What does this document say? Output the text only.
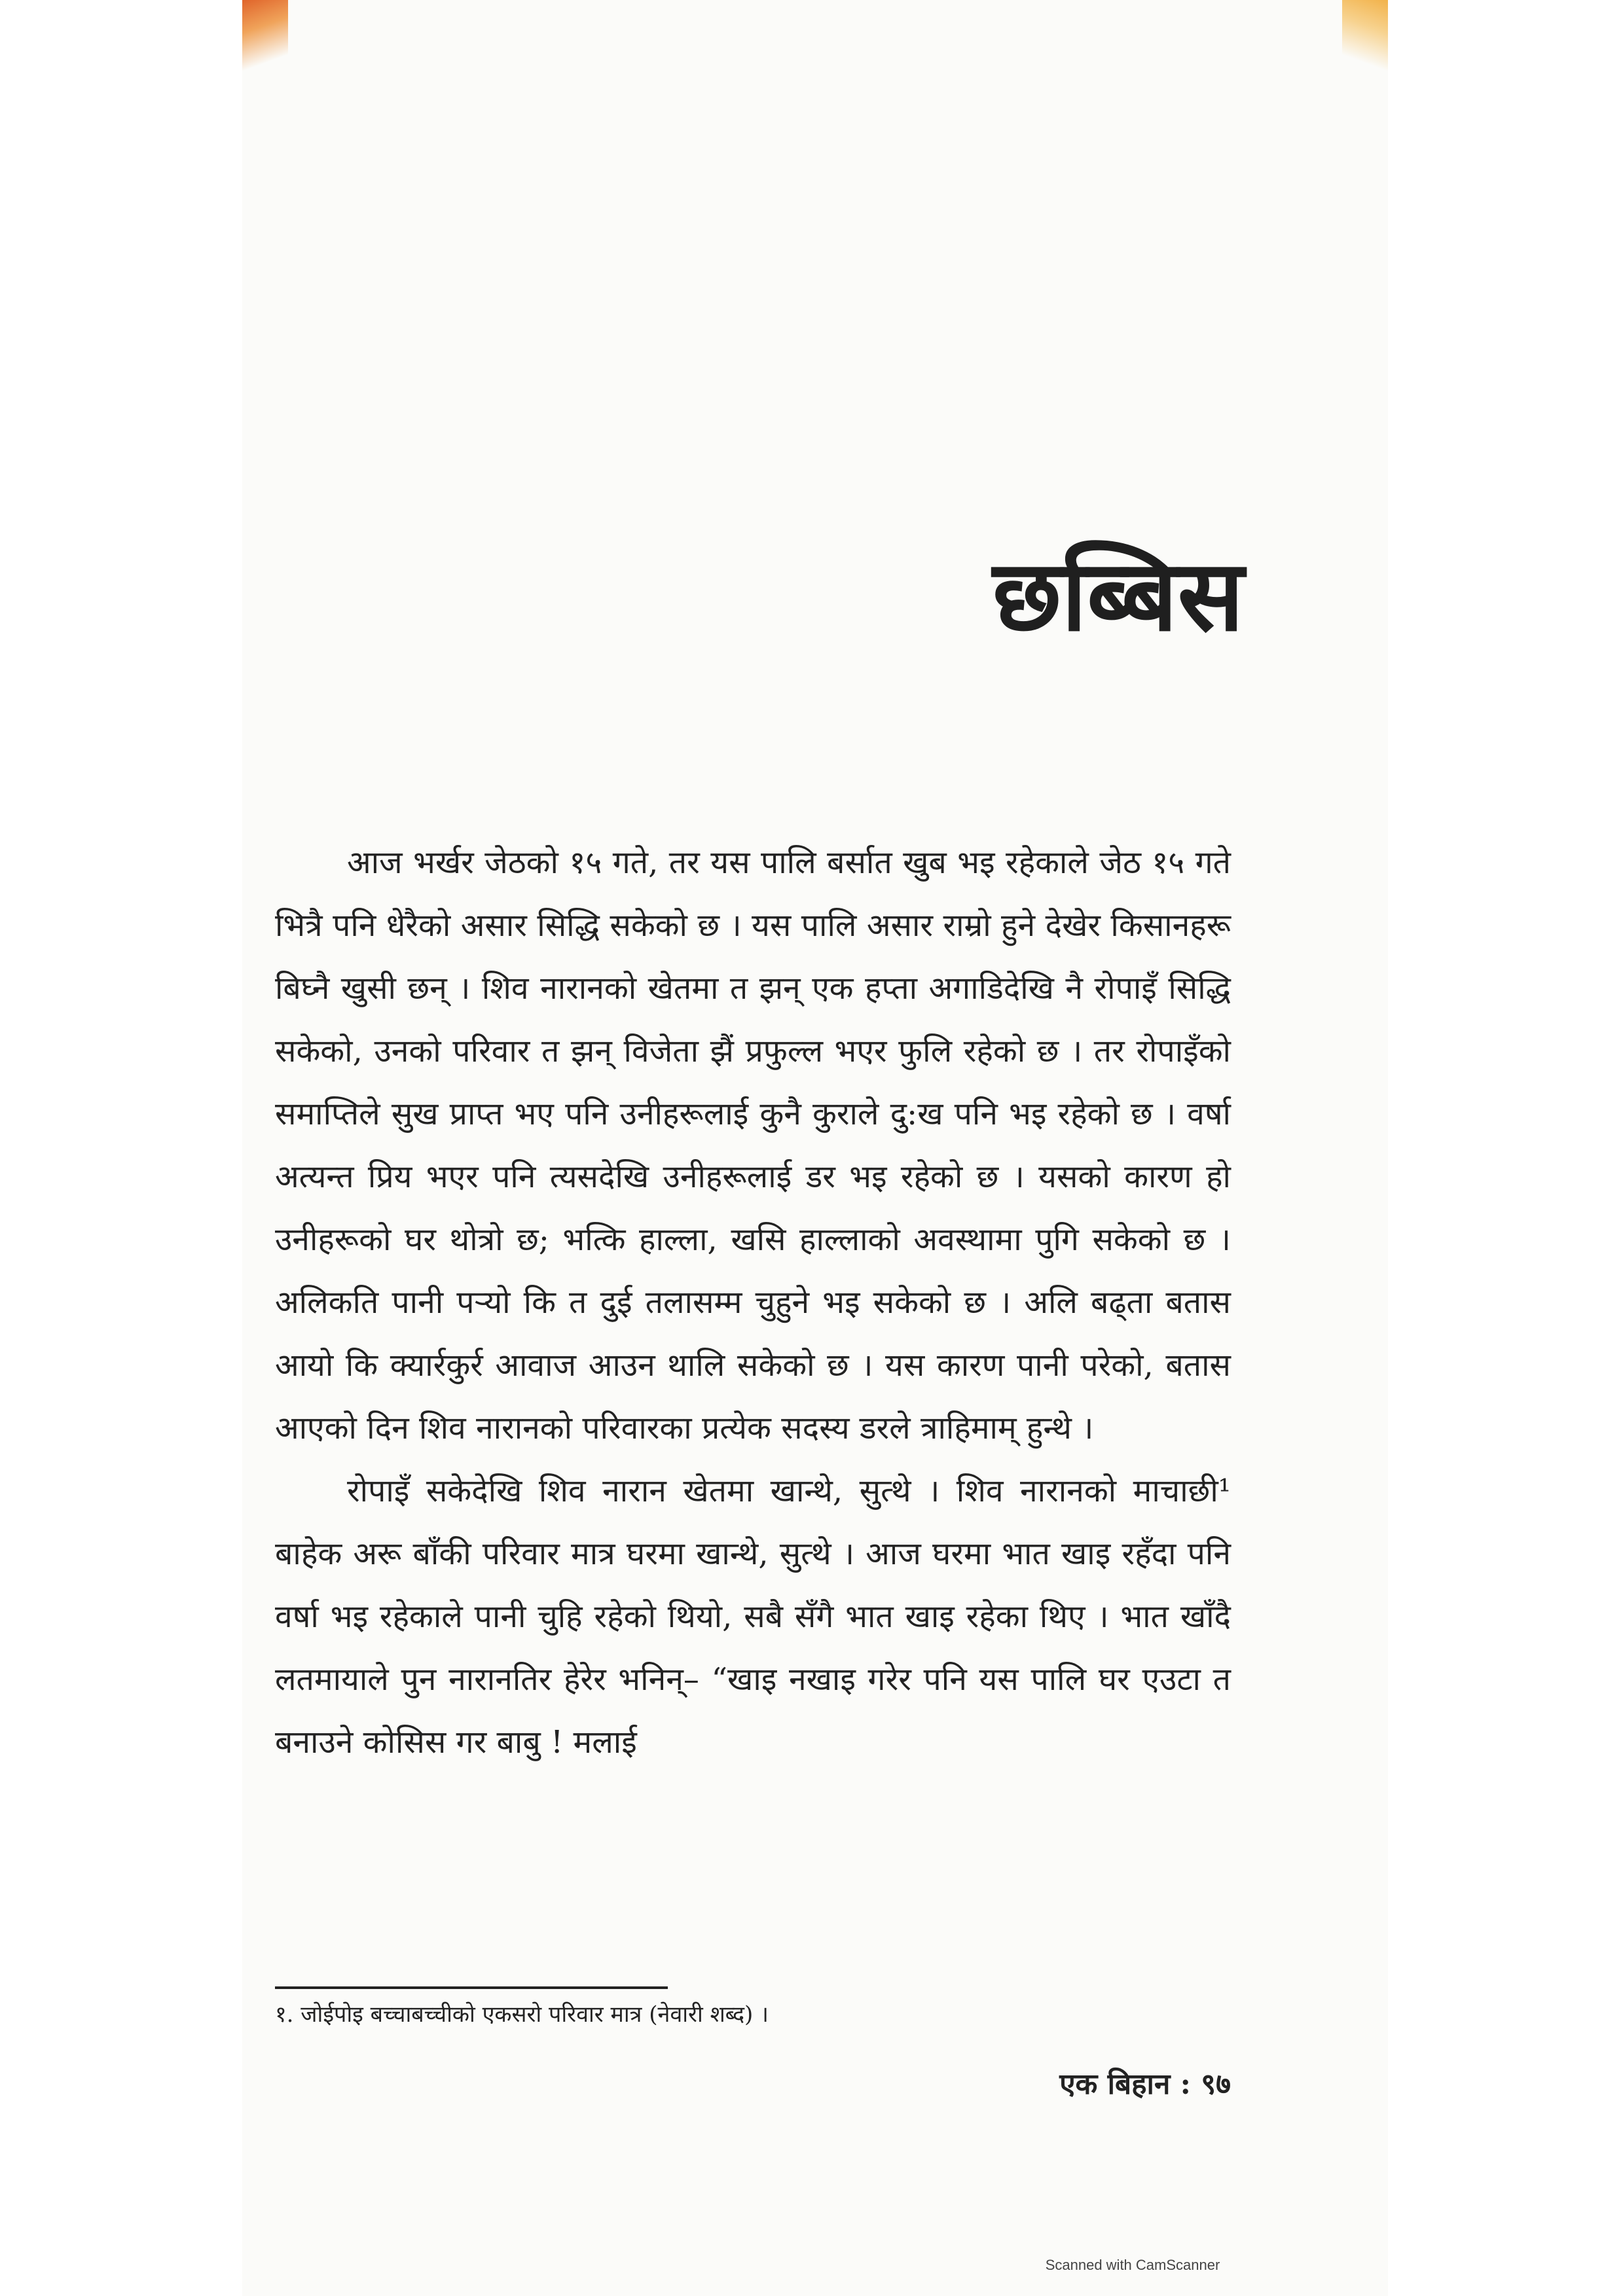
छब्बिस

आज भर्खर जेठको १५ गते, तर यस पालि बर्सात खुब भइ रहेकाले जेठ १५ गते भित्रै पनि धेरैको असार सिद्धि सकेको छ । यस पालि असार राम्रो हुने देखेर किसानहरू बिघ्नै खुसी छन् । शिव नारानको खेतमा त झन् एक हप्ता अगाडिदेखि नै रोपाइँ सिद्धि सकेको, उनको परिवार त झन् विजेता झैं प्रफुल्ल भएर फुलि रहेको छ । तर रोपाइँको समाप्तिले सुख प्राप्त भए पनि उनीहरूलाई कुनै कुराले दु:ख पनि भइ रहेको छ । वर्षा अत्यन्त प्रिय भएर पनि त्यसदेखि उनीहरूलाई डर भइ रहेको छ । यसको कारण हो उनीहरूको घर थोत्रो छ; भत्कि हाल्ला, खसि हाल्लाको अवस्थामा पुगि सकेको छ । अलिकति पानी पऱ्यो कि त दुई तलासम्म चुहुने भइ सकेको छ । अलि बढ्ता बतास आयो कि क्यार्रकुर्र आवाज आउन थालि सकेको छ । यस कारण पानी परेको, बतास आएको दिन शिव नारानको परिवारका प्रत्येक सदस्य डरले त्राहिमाम् हुन्थे ।

रोपाइँ सकेदेखि शिव नारान खेतमा खान्थे, सुत्थे । शिव नारानको माचाछी¹ बाहेक अरू बाँकी परिवार मात्र घरमा खान्थे, सुत्थे । आज घरमा भात खाइ रहँदा पनि वर्षा भइ रहेकाले पानी चुहि रहेको थियो, सबै सँगै भात खाइ रहेका थिए । भात खाँदै लतमायाले पुन नारानतिर हेरेर भनिन्– “खाइ नखाइ गरेर पनि यस पालि घर एउटा त बनाउने कोसिस गर बाबु ! मलाई

१. जोईपोइ बच्चाबच्चीको एकसरो परिवार मात्र (नेवारी शब्द) ।
एक बिहान : ९७
Scanned with CamScanner
